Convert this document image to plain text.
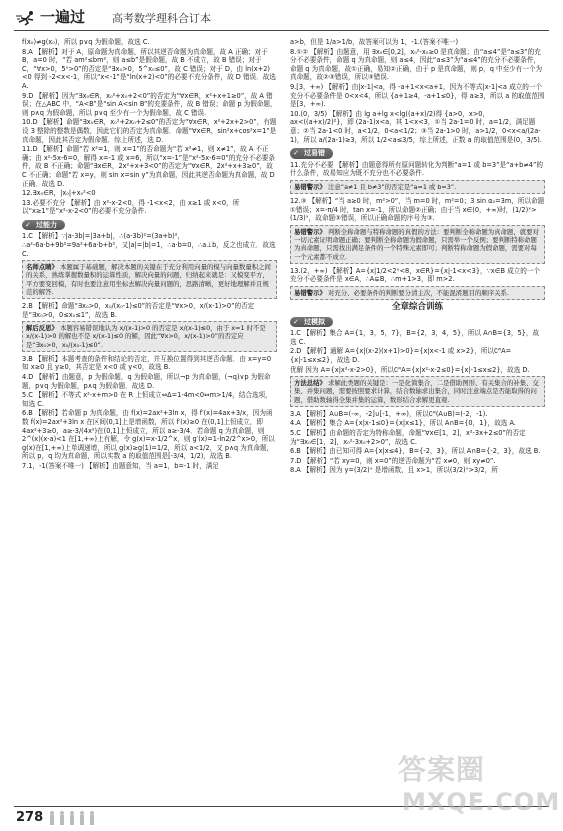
一遍过 高考数学理科合订本

f(x₀)≠g(x₀)，所以 p∨q 为假命题，故选 C.

8.A 【解析】对于 A，原命题为真命题，所以其逆否命题为真命题，故 A 正确；对于 B，a=0 时，“若 am²≤bm²，则 a≤b”是假命题，故 B 不成立，故 B 错误；对于 C，“∀x>0，5ˣ>0”的否定是“∃x₀>0，5^x₀≤0”，故 C 错误；对于 D，由 ln(x+2)<0 得到 -2<x<-1，所以“x<-1”是“ln(x+2)<0”的必要不充分条件，故 D 错误．故选 A.

9.D 【解析】因为“∃x₀∈R，x₀²+x₀+2<0”的否定为“∀x∈R，x²+x+1≥0”，故 A 错误；在△ABC 中，“A<B”是“sin A<sin B”的充要条件，故 B 错误；命题 p 为假命题，则 p∧q 为假命题，所以 p∨q 至少有一个为假命题，故 C 错误.

10.D 【解析】命题“∃x₀∈R，x₀²+2x₀+2≤0”的否定为“∀x∈R，x²+2x+2>0”，有题设 3 整除的整数是偶数，因此它们的否定为真命题．命题“∀x∈R，sin²x+cos²x=1”是真命题，因此其否定为假命题．综上所述，选 D.

11.D 【解析】命题“若 x²=1，则 x=1”的否命题为“若 x²≠1，则 x≠1”，故 A 不正确；由 x²-5x-6=0，解得 x=-1 或 x=6，所以“x=-1”是“x²-5x-6=0”的充分不必要条件，故 B 不正确；命题“∃x∈R，2x²+x+3<0”的否定为“∀x∈R，2x²+x+3≥0”，故 C 不正确；命题“若 x=y，则 sin x=sin y”为真命题，因此其逆否命题为真命题，故 D 正确．故选 D.

12.∃x₀∈R，|x₀|+x₀²<0

13.必要不充分 【解析】由 x²-x-2<0，得 -1<x<2，由 x≥1 或 x<0，所以“x≥1”是“x²-x-2<0”的必要不充分条件.

✓ 过能力

1.C 【解析】∵|a-3b|=|3a+b|，∴(a-3b)²=(3a+b)²，∴a²-6a·b+9b²=9a²+6a·b+b²，又|a|=|b|=1，∴a·b=0，∴a⊥b，反之也成立．故选 C.

名师点睛》 本题属于基础题，解决本题的关键在于充分利用向量的模与向量数量积之间的关系，熟练掌握数量积的运算性质，解决向量的问题，归纳起来就是：又模变平方，平方要变回模，有时也要注意用坐标去解决向量问题的，思路清晰，更好地理解并且规范的解答.

2.B 【解析】命题“∃x₀>0，x₀/(x₀-1)≤0”的否定是“∀x>0，x/(x-1)>0”的否定是“∃x₀>0，0≤x₀≤1”，故选 B.

解后反思》 本题容易错误地认为 x/(x-1)>0 的否定是 x/(x-1)≤0，由于 x=1 时不是 x/(x-1)>0 的解也不是 x/(x-1)≤0 的解，因此“∀x>0，x/(x-1)>0”的否定应是“∃x₀>0，x₀/(x₀-1)≤0”.

3.B 【解析】本题考查的条件和结论的否定，并互换位置得到其逆否命题．由 x=y=0 知 x≥0 且 y≥0，其否定是 x<0 或 y<0，故选 B.

4.D 【解析】由题意，p 为假命题，q 为假命题，所以¬p 为真命题，(¬q)∨p 为假命题，p∨q 为假命题，p∧q 为假命题．故选 D.

5.C 【解析】不等式 x²-x+m>0 在 R 上恒成立⇔Δ=1-4m<0⇔m>1/4，结合选项，知选 C.

6.B 【解析】若命题 p 为真命题，由 f(x)=2ax²+3ln x，得 f′(x)=4ax+3/x，因为函数 f(x)=2ax²+3ln x 在区间(0,1]上是增函数，所以 f′(x)≥0 在(0,1]上恒成立，即 4ax²+3≥0，a≥-3/(4x²)在(0,1]上恒成立，所以 a≥-3/4．若命题 q 为真命题，则 2^(x)(x-a)<1 在[1,+∞)上有解，令 g(x)=x-1/2^x，则 g′(x)=1-ln2/2^x>0，所以 g(x)在[1,+∞)上单调递增，所以 g(x)≥g(1)=1/2，所以 a<1/2，又 p∧q 为真命题，所以 p，q 均为真命题，所以实数 a 的取值范围是[-3/4，1/2)，故选 B.

7.1，-1(答案不唯一) 【解析】由题意知，当 a=1，b=-1 时，满足

a>b，但是 1/a>1/b，故答案可以为 1，-1.(答案不唯一)

8.①② 【解析】由题意，用 ∃x₀∈[0,2]，x₀²-x₀≥0 是真命题；由“a≤4”是“a≤3”的充分不必要条件，命题 q 为真命题，则 a≤4，因此“a≤3”为“a≤4”的充分不必要条件，命题 q 为真命题，故①正确，易知②正确，由于 p 是真命题，则 p，q 中至少有一个为真命题，故②③错误，所以③错误.

9.[3，+∞) 【解析】由|x-1|<a，得 -a+1<x<a+1，因为不等式|x-1|<a 成立的一个充分不必要条件是 0<x<4，所以 {a+1≥4，-a+1≤0}，得 a≥3，所以 a 的取值范围是[3，+∞).

10.(0，3/5) 【解析】由 lg a+lg x<lg((a+x)/2)得 {a>0，x>0，ax<((a+x)/2)²}，即 (2a-1)x<a，其 1<x<3，①当 2a-1=0 时，a=1/2，满足题意；②当 2a-1<0 时，a<1/2，0<a<1/2；③当 2a-1>0 时，a>1/2，0<x<a/(2a-1)，所以 a/(2a-1)≥3，所以 1/2<a≤3/5，综上所述，正数 a 的取值范围是(0，3/5).

✓ 过易错

11.充分不必要 【解析】由题意得所有原问题转化为判断“a=1 或 b=3”是“a+b≠4”的什么条件，故易知应为既不充分也不必要条件.

易错警示》 注意“a≠1 且 b≠3”的否定是“a=1 或 b=3”.

12.③ 【解析】“当 a≥0 时，m²>0”，当 m=0 时，m²=0；3 sin α₀=3m，所以命题①错误；x=-π/4 时，tan x=-1，所以命题②正确；由于当 x∈(0，+∞)时，(1/2)ˣ>(1/3)ˣ，故命题③错误，所以正确命题的序号为③.

易错警示》 判断全称命题与特称命题的真假的方法：要判断全称命题为真命题，就要对一切元素证明命题正确；要判断全称命题为假命题，只需举一个反例；要判断特称命题为真命题，只需找出满足条件的一个特殊元素即可；判断特称命题为假命题，需要对每一个元素都不成立.

13.(2，+∞) 【解析】A={x|1/2<2ˣ<8，x∈R}={x|-1<x<3}，∵x∈B 成立的一个充分不必要条件是 x∈A，∴A⊊B，∴m+1>3，即 m>2.

易错警示》 对充分、必要条件的判断要分清主次，不能混淆题目的顺序关系.
全章综合训练
✓ 过模拟

1.C 【解析】集合 A={1，3，5，7}，B={2，3，4，5}，所以 A∩B={3，5}，故选 C.

2.D 【解析】通解 A={x|(x-2)(x+1)>0}={x|x<-1 或 x>2}，所以∁ᴿA={x|-1≤x≤2}，故选 D.

优解 因为 A={x|x²-x-2>0}，所以∁ᴿA={x|x²-x-2≤0}={x|-1≤x≤2}，故选 D.

方法总结》 求解此类题的关键是：一是化简集合，二是借助图形、有关集合的补集、交集、并集问题，需要按照要求计算，结合数轴求出集合，同时注意端点是否能取得的问题，借助数轴得全集并集的运算，数形结合求解更直观.

3.A 【解析】A∪B=(-∞，-2]∪[-1，+∞)，所以∁ᴿ(A∪B)=(-2，-1).

4.A 【解析】集合 A={x|x-1≤0}={x|x≤1}，所以 A∩B={0，1}，故选 A.

5.C 【解析】由命题的否定为特称命题，命题“∀x∈[1，2]，x²-3x+2≤0”的否定为“∃x₀∈[1，2]，x₀²-3x₀+2>0”，故选 C.

6.B 【解析】由已知可得 A={x|x≤4}，B={-2，3}，所以 A∩B={-2，3}，故选 B.

7.D 【解析】“若 xy=0，则 x=0”的逆否命题为“若 x≠0，则 xy≠0”.

8.A 【解析】因为 y=(3/2)ˣ 是增函数，且 x>1，所以(3/2)ˣ>3/2，所

278
答案圈
MXQE.COM
